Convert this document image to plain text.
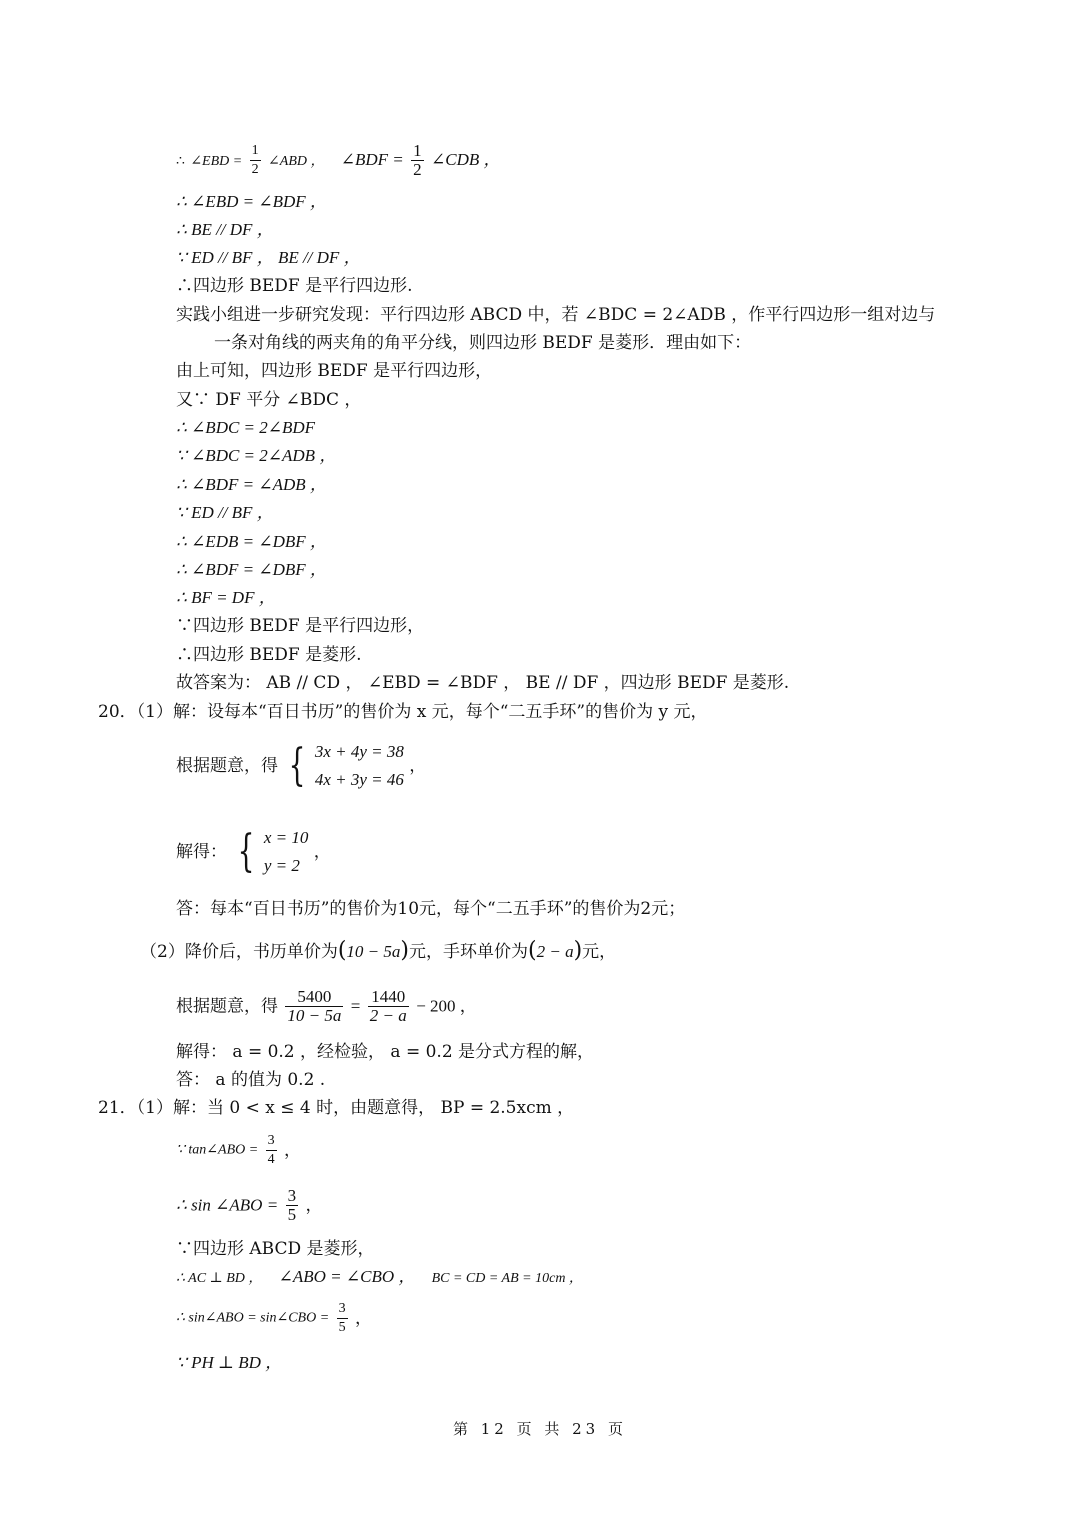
∴ ∠EBD = $\frac{1}{2}$ ∠ABD ， ∠BDF = $\frac{1}{2}$ ∠CDB ，
∴ ∠EBD = ∠BDF ，
∴ BE // DF ，
∵ ED // BF ， BE // DF ，
∴四边形 BEDF 是平行四边形.
实践小组进一步研究发现：平行四边形 ABCD 中，若 ∠BDC = 2∠ADB ，作平行四边形一组对边与
一条对角线的两夹角的角平分线，则四边形 BEDF 是菱形．理由如下：
由上可知，四边形 BEDF 是平行四边形，
又∵ DF 平分 ∠BDC ，
∴ ∠BDC = 2∠BDF
∵ ∠BDC = 2∠ADB ，
∴ ∠BDF = ∠ADB ，
∵ ED // BF ，
∴ ∠EDB = ∠DBF ，
∴ ∠BDF = ∠DBF ，
∴ BF = DF ，
∵四边形 BEDF 是平行四边形，
∴四边形 BEDF 是菱形.
故答案为： AB // CD ， ∠EBD = ∠BDF ， BE // DF ，四边形 BEDF 是菱形.
20．（1）解：设每本“百日书历”的售价为 x 元，每个“二五手环”的售价为 y 元，
根据题意，得 { 3x + 4y = 38
4x + 3y = 46
，
解得： { x = 10
y = 2
，
答：每本“百日书历”的售价为10元，每个“二五手环”的售价为2元；
（2）降价后，书历单价为(10 − 5a)元，手环单价为(2 − a)元，
根据题意，得 $\frac{5400}{10 - 5a} = \frac{1440}{2 - a} - 200$ ，
解得： a = 0.2 ，经检验， a = 0.2 是分式方程的解，
答： a 的值为 0.2 .
21．（1）解：当 0 < x ≤ 4 时，由题意得， BP = 2.5xcm ，
∵ tan∠ABO = $\frac{3}{4}$ ，
∴ sin ∠ABO = $\frac{3}{5}$ ，
∵四边形 ABCD 是菱形，
∴ AC ⊥ BD ， ∠ABO = ∠CBO ， BC = CD = AB = 10cm ，
∴ sin∠ABO = sin∠CBO = $\frac{3}{5}$ ，
∵ PH ⊥ BD ，
第 12 页 共 23 页
